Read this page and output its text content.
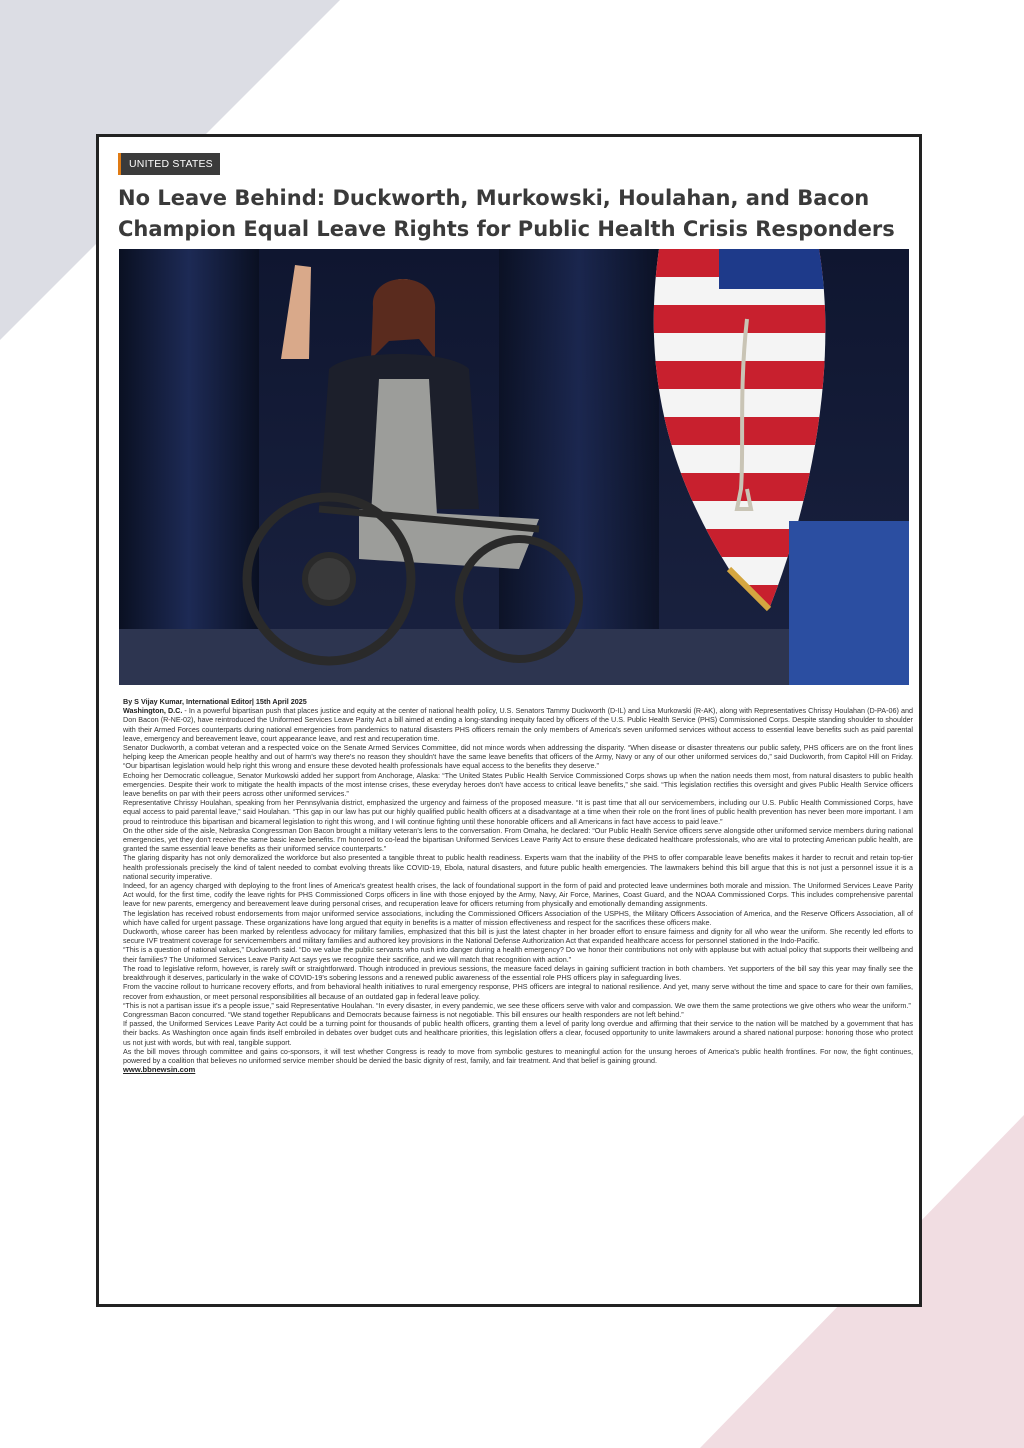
UNITED STATES
No Leave Behind: Duckworth, Murkowski, Houlahan, and Bacon Champion Equal Leave Rights for Public Health Crisis Responders

By S Vijay Kumar, International Editor| 15th April 2025

Washington, D.C. - In a powerful bipartisan push that places justice and equity at the center of national health policy, U.S. Senators Tammy Duckworth (D-IL) and Lisa Murkowski (R-AK), along with Representatives Chrissy Houlahan (D-PA-06) and Don Bacon (R-NE-02), have reintroduced the Uniformed Services Leave Parity Act a bill aimed at ending a long-standing inequity faced by officers of the U.S. Public Health Service (PHS) Commissioned Corps. Despite standing shoulder to shoulder with their Armed Forces counterparts during national emergencies from pandemics to natural disasters PHS officers remain the only members of America's seven uniformed services without access to essential leave benefits such as paid parental leave, emergency and bereavement leave, court appearance leave, and rest and recuperation time.

Senator Duckworth, a combat veteran and a respected voice on the Senate Armed Services Committee, did not mince words when addressing the disparity. “When disease or disaster threatens our public safety, PHS officers are on the front lines helping keep the American people healthy and out of harm's way there's no reason they shouldn't have the same leave benefits that officers of the Army, Navy or any of our other uniformed services do,” said Duckworth, from Capitol Hill on Friday. “Our bipartisan legislation would help right this wrong and ensure these devoted health professionals have equal access to the benefits they deserve.”

Echoing her Democratic colleague, Senator Murkowski added her support from Anchorage, Alaska: “The United States Public Health Service Commissioned Corps shows up when the nation needs them most, from natural disasters to public health emergencies. Despite their work to mitigate the health impacts of the most intense crises, these everyday heroes don't have access to critical leave benefits,” she said. “This legislation rectifies this oversight and gives Public Health Service officers leave benefits on par with their peers across other uniformed services.”

Representative Chrissy Houlahan, speaking from her Pennsylvania district, emphasized the urgency and fairness of the proposed measure. “It is past time that all our servicemembers, including our U.S. Public Health Commissioned Corps, have equal access to paid parental leave,” said Houlahan. “This gap in our law has put our highly qualified public health officers at a disadvantage at a time when their role on the front lines of public health prevention has never been more important. I am proud to reintroduce this bipartisan and bicameral legislation to right this wrong, and I will continue fighting until these honorable officers and all Americans in fact have access to paid leave.”

On the other side of the aisle, Nebraska Congressman Don Bacon brought a military veteran's lens to the conversation. From Omaha, he declared: “Our Public Health Service officers serve alongside other uniformed service members during national emergencies, yet they don't receive the same basic leave benefits. I'm honored to co-lead the bipartisan Uniformed Services Leave Parity Act to ensure these dedicated healthcare professionals, who are vital to protecting American public health, are granted the same essential leave benefits as their uniformed service counterparts.”

The glaring disparity has not only demoralized the workforce but also presented a tangible threat to public health readiness. Experts warn that the inability of the PHS to offer comparable leave benefits makes it harder to recruit and retain top-tier health professionals precisely the kind of talent needed to combat evolving threats like COVID-19, Ebola, natural disasters, and future public health emergencies. The lawmakers behind this bill argue that this is not just a personnel issue it is a national security imperative.

Indeed, for an agency charged with deploying to the front lines of America's greatest health crises, the lack of foundational support in the form of paid and protected leave undermines both morale and mission. The Uniformed Services Leave Parity Act would, for the first time, codify the leave rights for PHS Commissioned Corps officers in line with those enjoyed by the Army, Navy, Air Force, Marines, Coast Guard, and the NOAA Commissioned Corps. This includes comprehensive parental leave for new parents, emergency and bereavement leave during personal crises, and recuperation leave for officers returning from physically and emotionally demanding assignments.

The legislation has received robust endorsements from major uniformed service associations, including the Commissioned Officers Association of the USPHS, the Military Officers Association of America, and the Reserve Officers Association, all of which have called for urgent passage. These organizations have long argued that equity in benefits is a matter of mission effectiveness and respect for the sacrifices these officers make.

Duckworth, whose career has been marked by relentless advocacy for military families, emphasized that this bill is just the latest chapter in her broader effort to ensure fairness and dignity for all who wear the uniform. She recently led efforts to secure IVF treatment coverage for servicemembers and military families and authored key provisions in the National Defense Authorization Act that expanded healthcare access for personnel stationed in the Indo-Pacific.

“This is a question of national values,” Duckworth said. “Do we value the public servants who rush into danger during a health emergency? Do we honor their contributions not only with applause but with actual policy that supports their wellbeing and their families? The Uniformed Services Leave Parity Act says yes we recognize their sacrifice, and we will match that recognition with action.”

The road to legislative reform, however, is rarely swift or straightforward. Though introduced in previous sessions, the measure faced delays in gaining sufficient traction in both chambers. Yet supporters of the bill say this year may finally see the breakthrough it deserves, particularly in the wake of COVID-19's sobering lessons and a renewed public awareness of the essential role PHS officers play in safeguarding lives.

From the vaccine rollout to hurricane recovery efforts, and from behavioral health initiatives to rural emergency response, PHS officers are integral to national resilience. And yet, many serve without the time and space to care for their own families, recover from exhaustion, or meet personal responsibilities all because of an outdated gap in federal leave policy.

“This is not a partisan issue it's a people issue,” said Representative Houlahan. “In every disaster, in every pandemic, we see these officers serve with valor and compassion. We owe them the same protections we give others who wear the uniform.”

Congressman Bacon concurred. “We stand together Republicans and Democrats because fairness is not negotiable. This bill ensures our health responders are not left behind.”

If passed, the Uniformed Services Leave Parity Act could be a turning point for thousands of public health officers, granting them a level of parity long overdue and affirming that their service to the nation will be matched by a government that has their backs. As Washington once again finds itself embroiled in debates over budget cuts and healthcare priorities, this legislation offers a clear, focused opportunity to unite lawmakers around a shared national purpose: honoring those who protect us not just with words, but with real, tangible support.

As the bill moves through committee and gains co-sponsors, it will test whether Congress is ready to move from symbolic gestures to meaningful action for the unsung heroes of America's public health frontlines. For now, the fight continues, powered by a coalition that believes no uniformed service member should be denied the basic dignity of rest, family, and fair treatment. And that belief is gaining ground.

www.bbnewsin.com
